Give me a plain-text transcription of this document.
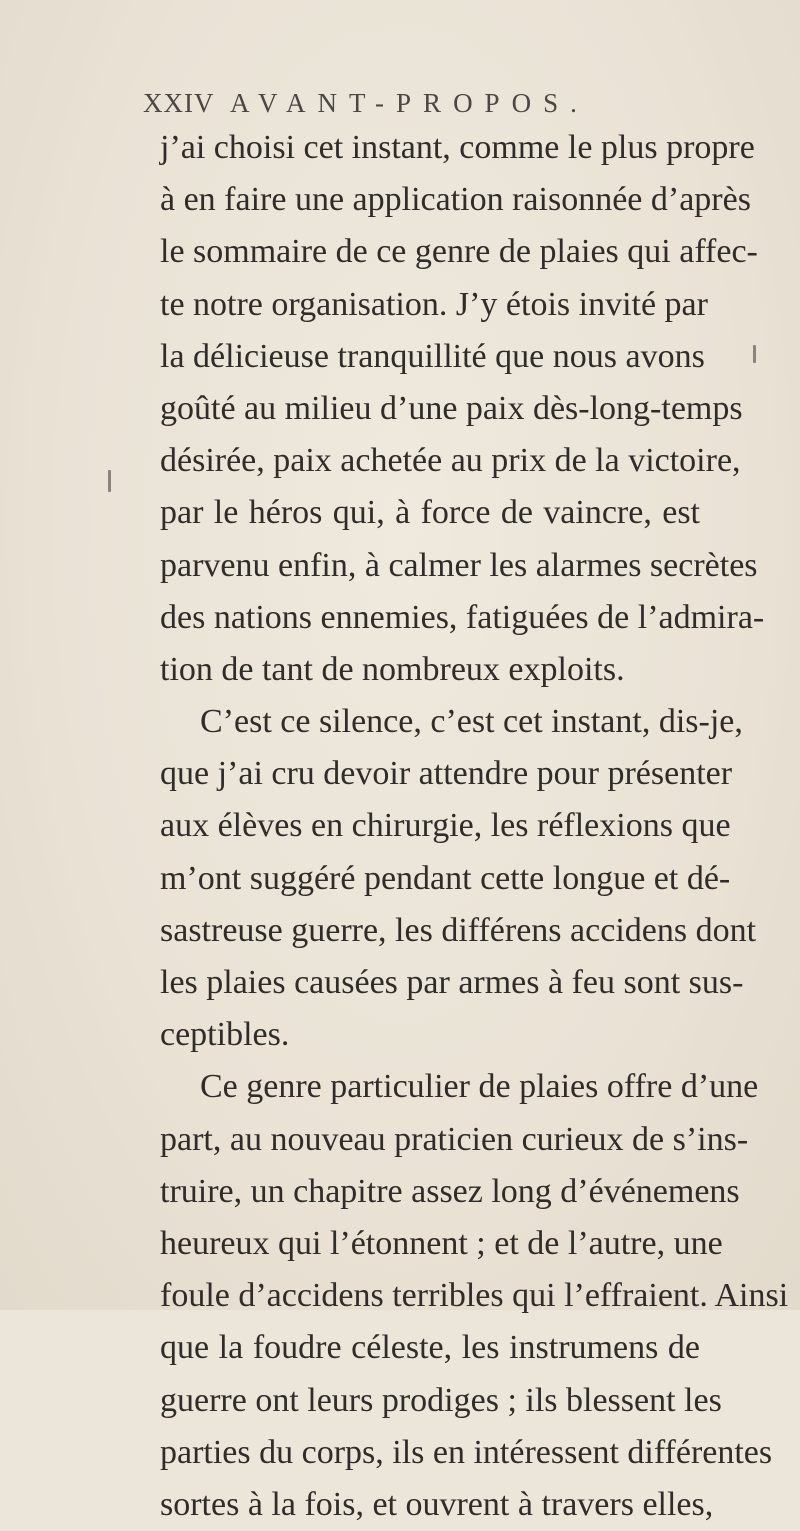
XXIV AVANT-PROPOS.
j’ai choisi cet instant, comme le plus propre
à en faire une application raisonnée d’après
le sommaire de ce genre de plaies qui affec-
te notre organisation. J’y étois invité par
la délicieuse tranquillité que nous avons
goûté au milieu d’une paix dès-long-temps
désirée, paix achetée au prix de la victoire,
par le héros qui, à force de vaincre, est
parvenu enfin, à calmer les alarmes secrètes
des nations ennemies, fatiguées de l’admira-
tion de tant de nombreux exploits.
C’est ce silence, c’est cet instant, dis-je,
que j’ai cru devoir attendre pour présenter
aux élèves en chirurgie, les réflexions que
m’ont suggéré pendant cette longue et dé-
sastreuse guerre, les différens accidens dont
les plaies causées par armes à feu sont sus-
ceptibles.
Ce genre particulier de plaies offre d’une
part, au nouveau praticien curieux de s’ins-
truire, un chapitre assez long d’événemens
heureux qui l’étonnent ; et de l’autre, une
foule d’accidens terribles qui l’effraient. Ainsi
que la foudre céleste, les instrumens de
guerre ont leurs prodiges ; ils blessent les
parties du corps, ils en intéressent différentes
sortes à la fois, et ouvrent à travers elles,
